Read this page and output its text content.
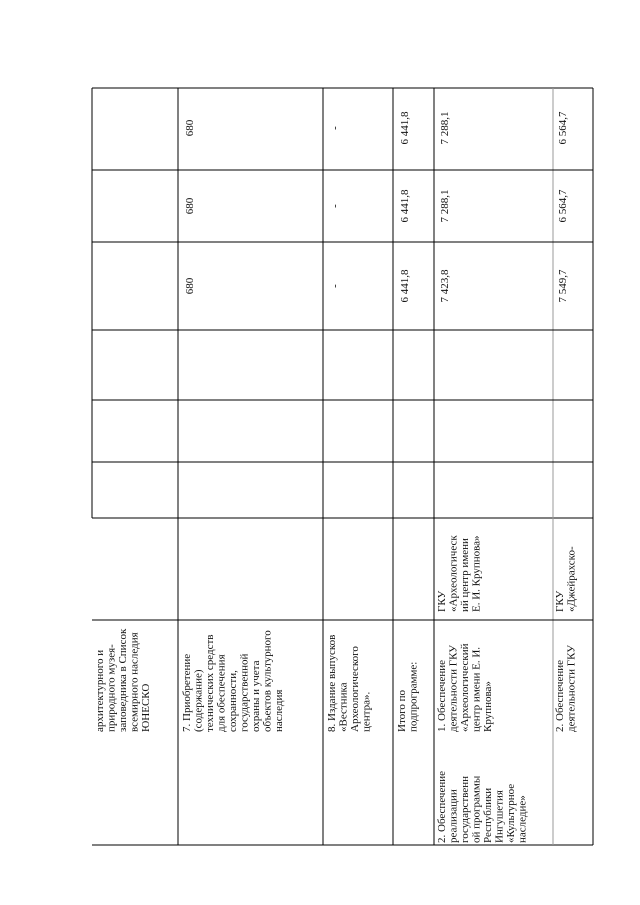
архитектурного и природного музея- заповедника в Список всемирного наследия ЮНЕСКО	7. Приобретение (содержание) технических средств для обеспечения сохранности, государственной охраны и учета объектов культурного наследия
680
680
680
8. Издание выпусков «Вестника Археологического центра».
-
-
-
Итого по подпрограмме:
6 441,8
6 441,8
6 441,8
2. Обеспечение реализации государственн ой программы Республики Ингушетия «Культурное наследие»
1. Обеспечение деятельности ГКУ «Археологический центр имени Е. И. Крупнова»
ГКУ «Археологическ ий центр имени Е. И. Крупнова»
7 423,8
7 288,1
7 288,1
2. Обеспечение деятельности ГКУ
ГКУ «Джейрахско-
7 549,7
6 564,7
6 564,7
